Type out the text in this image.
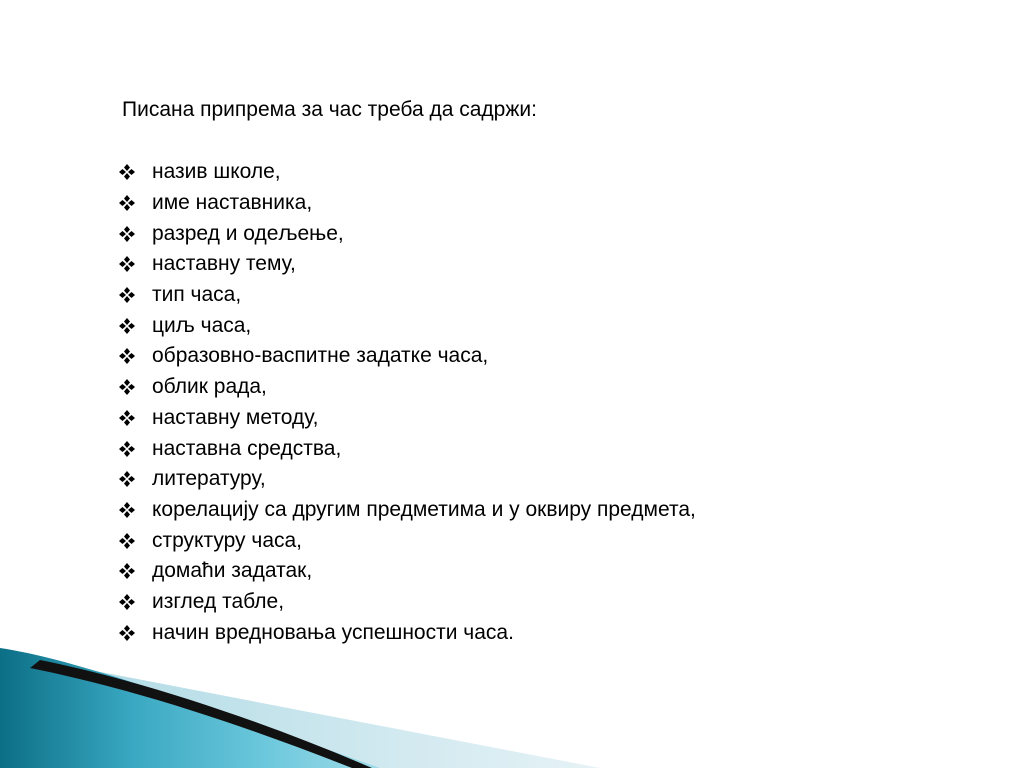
Писана припрема за час треба да садржи:

назив школе,
име наставника,
разред и одељење,
наставну тему,
тип часа,
циљ часа,
образовно-васпитне задатке часа,
облик рада,
наставну методу,
наставна средства,
литературу,
корелацију са другим предметима и у оквиру предмета,
структуру часа,
домаћи задатак,
изглед табле,
начин вредновања успешности часа.
